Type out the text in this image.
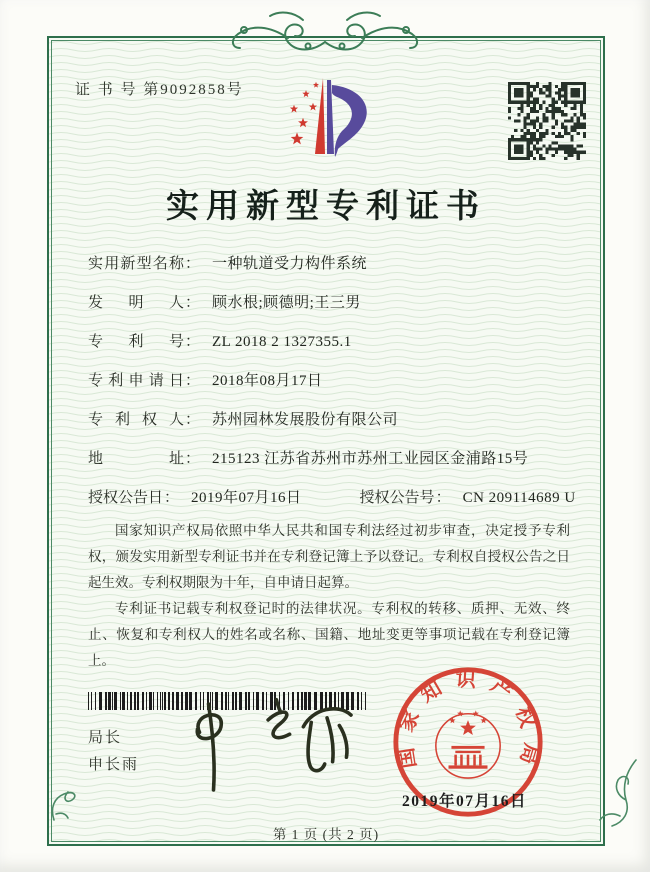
证 书 号 第9092858号
实用新型专利证书
实用新型名称 ： 一种轨道受力构件系统
发明人 ： 顾水根;顾德明;王三男
专利号 ： ZL 2018 2 1327355.1
专利申请日 ： 2018年08月17日
专利权人 ： 苏州园林发展股份有限公司
地址 ： 215123 江苏省苏州市苏州工业园区金浦路15号
授权公告日 ： 2019年07月16日	授权公告号 ： CN 209114689 U

国家知识产权局依照中华人民共和国专利法经过初步审查，决定授予专利权，颁发实用新型专利证书并在专利登记簿上予以登记。专利权自授权公告之日起生效。专利权期限为十年，自申请日起算。

专利证书记载专利权登记时的法律状况。专利权的转移、质押、无效、终止、恢复和专利权人的姓名或名称、国籍、地址变更等事项记载在专利登记簿上。

局长
申长雨	国家知识产权局
2019年07月16日
第 1 页 (共 2 页)
